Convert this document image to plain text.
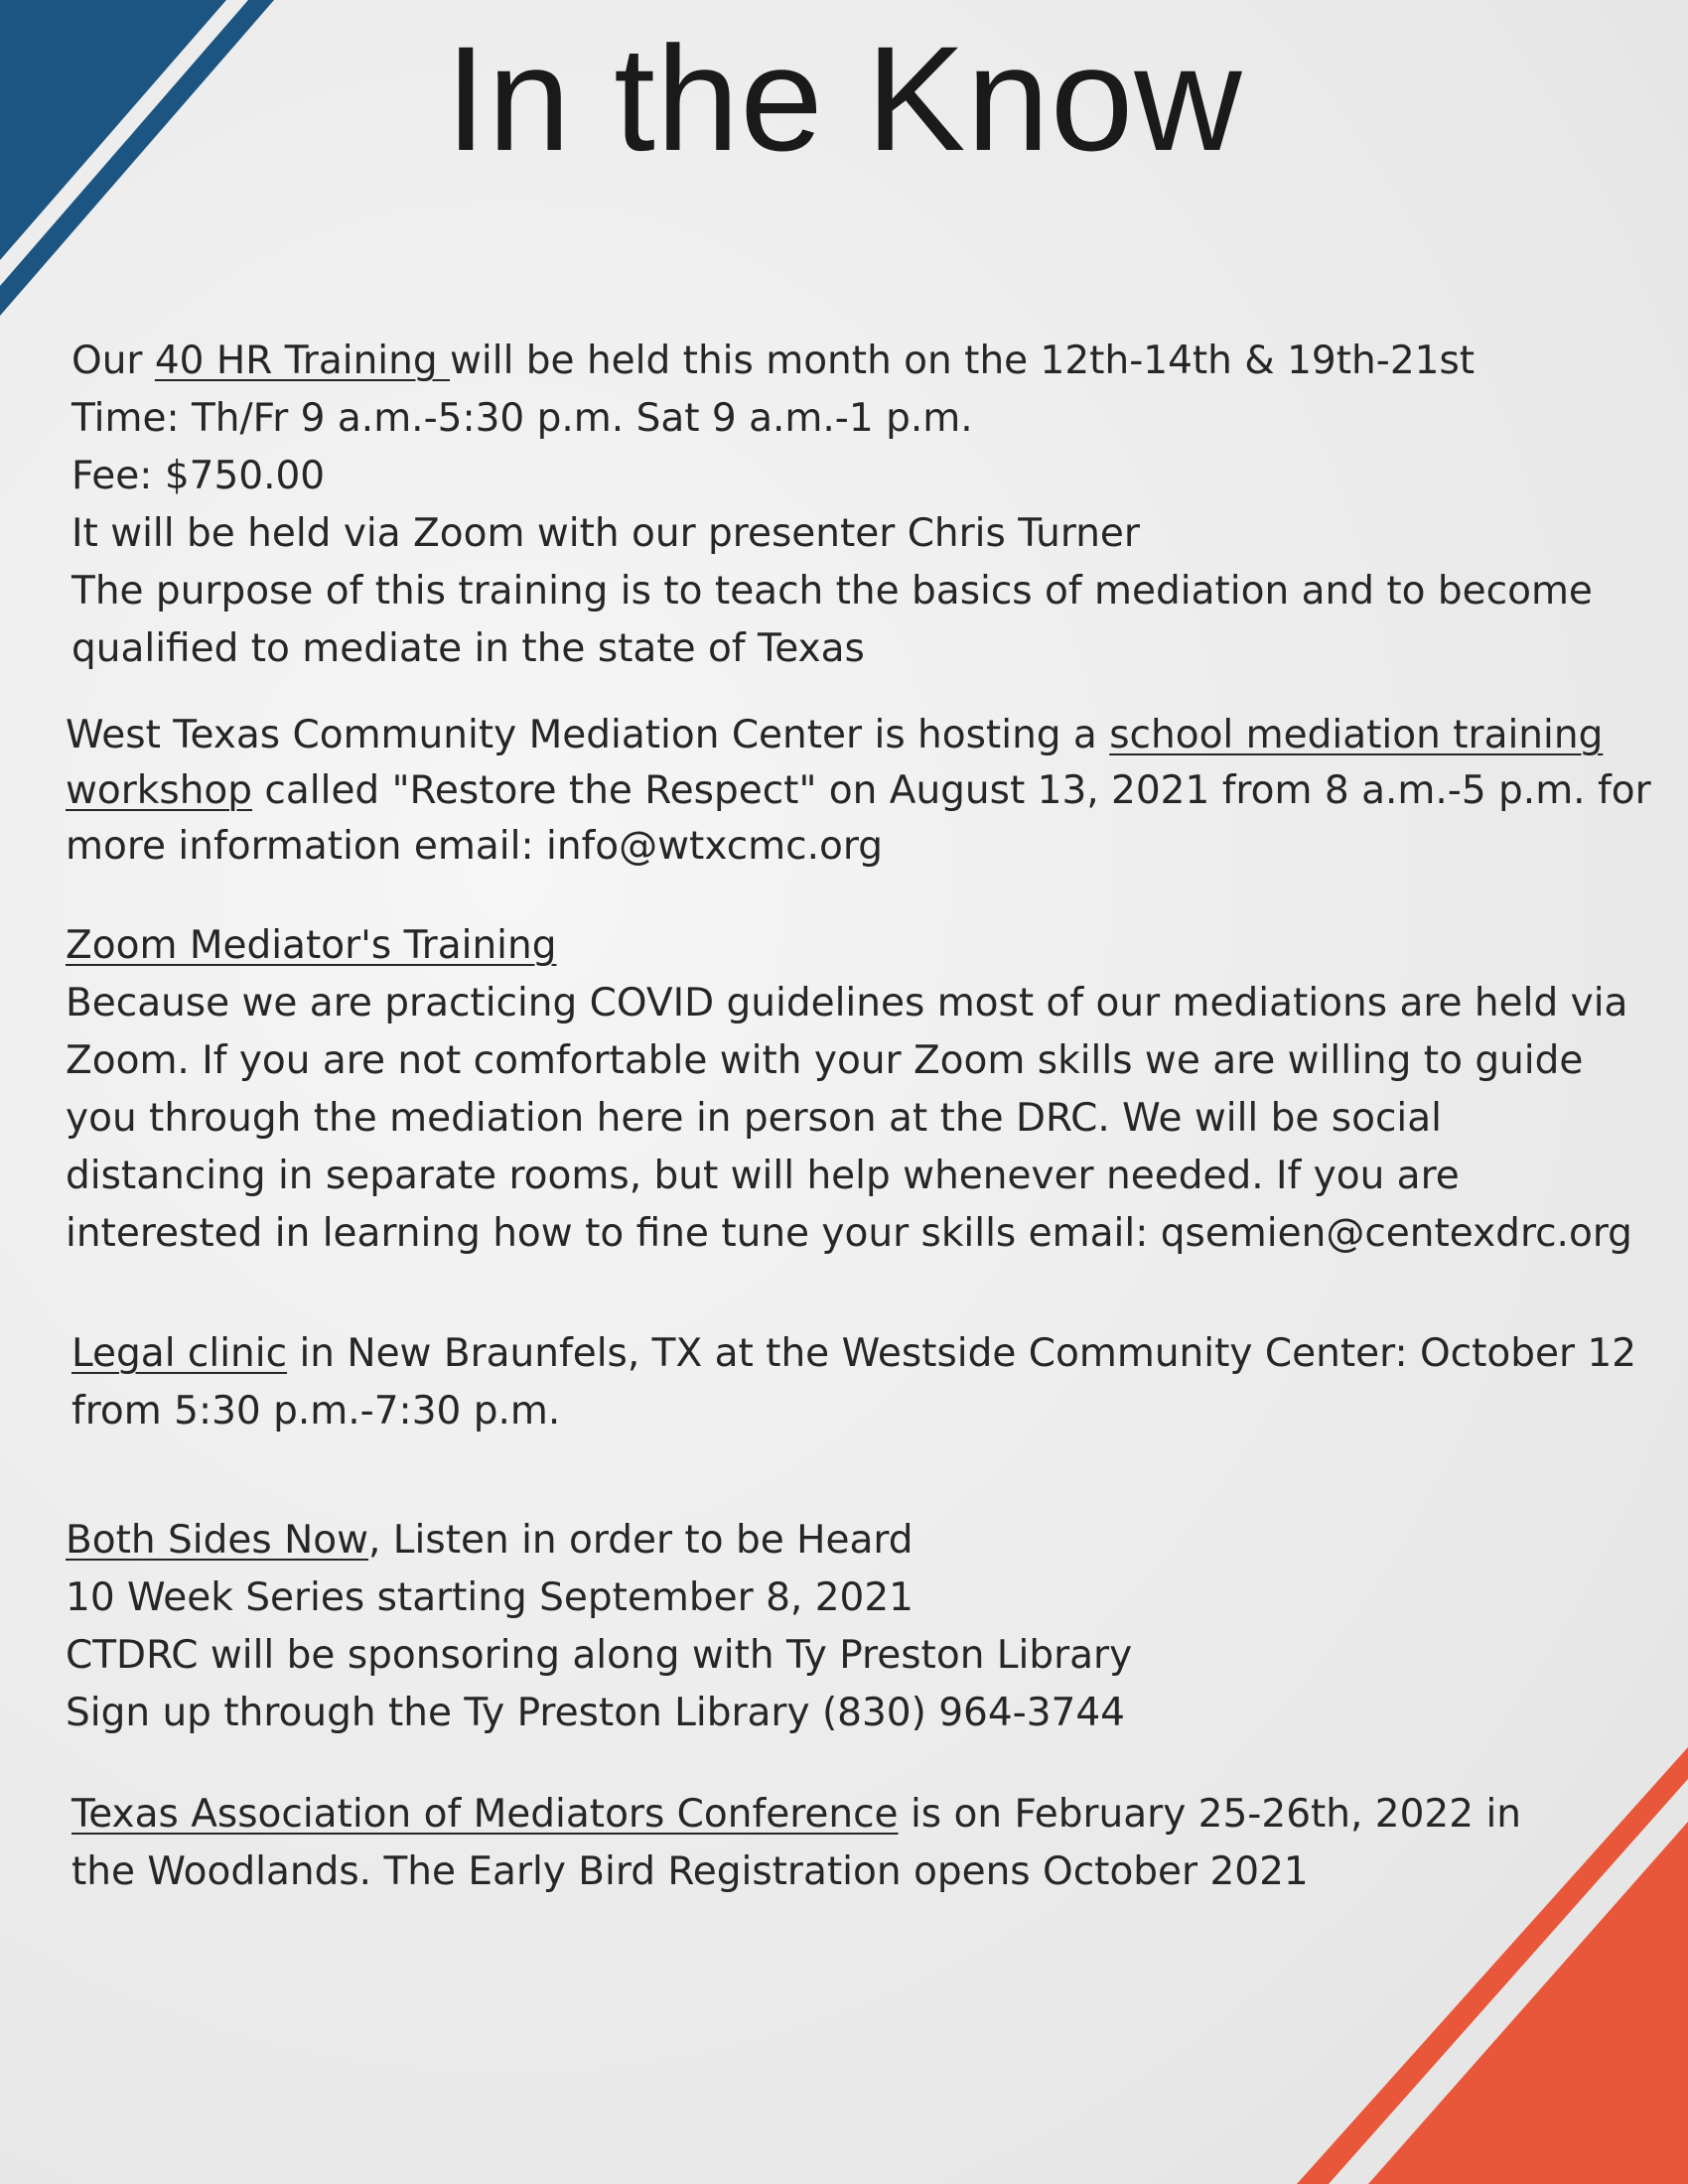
In the Know
Our 40 HR Training will be held this month on the 12th-14th & 19th-21st
Time: Th/Fr 9 a.m.-5:30 p.m. Sat 9 a.m.-1 p.m.
Fee: $750.00
It will be held via Zoom with our presenter Chris Turner
The purpose of this training is to teach the basics of mediation and to become
qualified to mediate in the state of Texas
West Texas Community Mediation Center is hosting a school mediation training
workshop called "Restore the Respect" on August 13, 2021 from 8 a.m.-5 p.m. for
more information email: info@wtxcmc.org
Zoom Mediator's Training
Because we are practicing COVID guidelines most of our mediations are held via
Zoom. If you are not comfortable with your Zoom skills we are willing to guide
you through the mediation here in person at the DRC. We will be social
distancing in separate rooms, but will help whenever needed. If you are
interested in learning how to fine tune your skills email: qsemien@centexdrc.org
Legal clinic in New Braunfels, TX at the Westside Community Center: October 12
from 5:30 p.m.-7:30 p.m.
Both Sides Now, Listen in order to be Heard
10 Week Series starting September 8, 2021
CTDRC will be sponsoring along with Ty Preston Library
Sign up through the Ty Preston Library (830) 964-3744
Texas Association of Mediators Conference is on February 25-26th, 2022 in
the Woodlands. The Early Bird Registration opens October 2021
